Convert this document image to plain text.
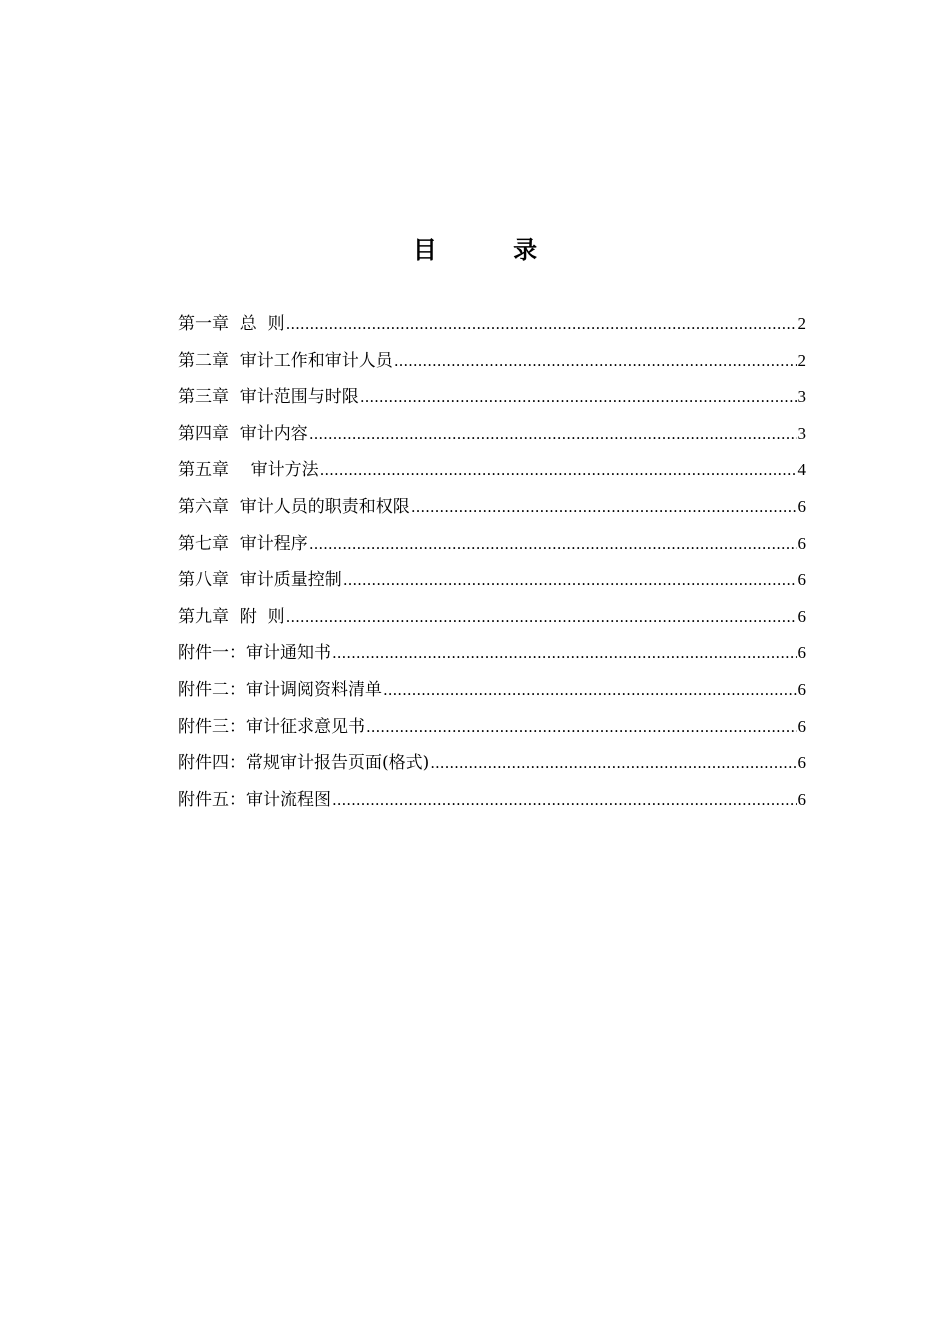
目 录
第一章  总  则 .....	2
第二章  审计工作和审计人员 .....	2
第三章  审计范围与时限 .....	3
第四章  审计内容 .....	3
第五章    审计方法 .....	4
第六章  审计人员的职责和权限 .....	6
第七章  审计程序 .....	6
第八章  审计质量控制 .....	6
第九章  附  则 .....	6
附件一：审计通知书 .....	6
附件二：审计调阅资料清单 .....	6
附件三：审计征求意见书 .....	6
附件四：常规审计报告页面(格式) .....	6
附件五：审计流程图 .....	6
